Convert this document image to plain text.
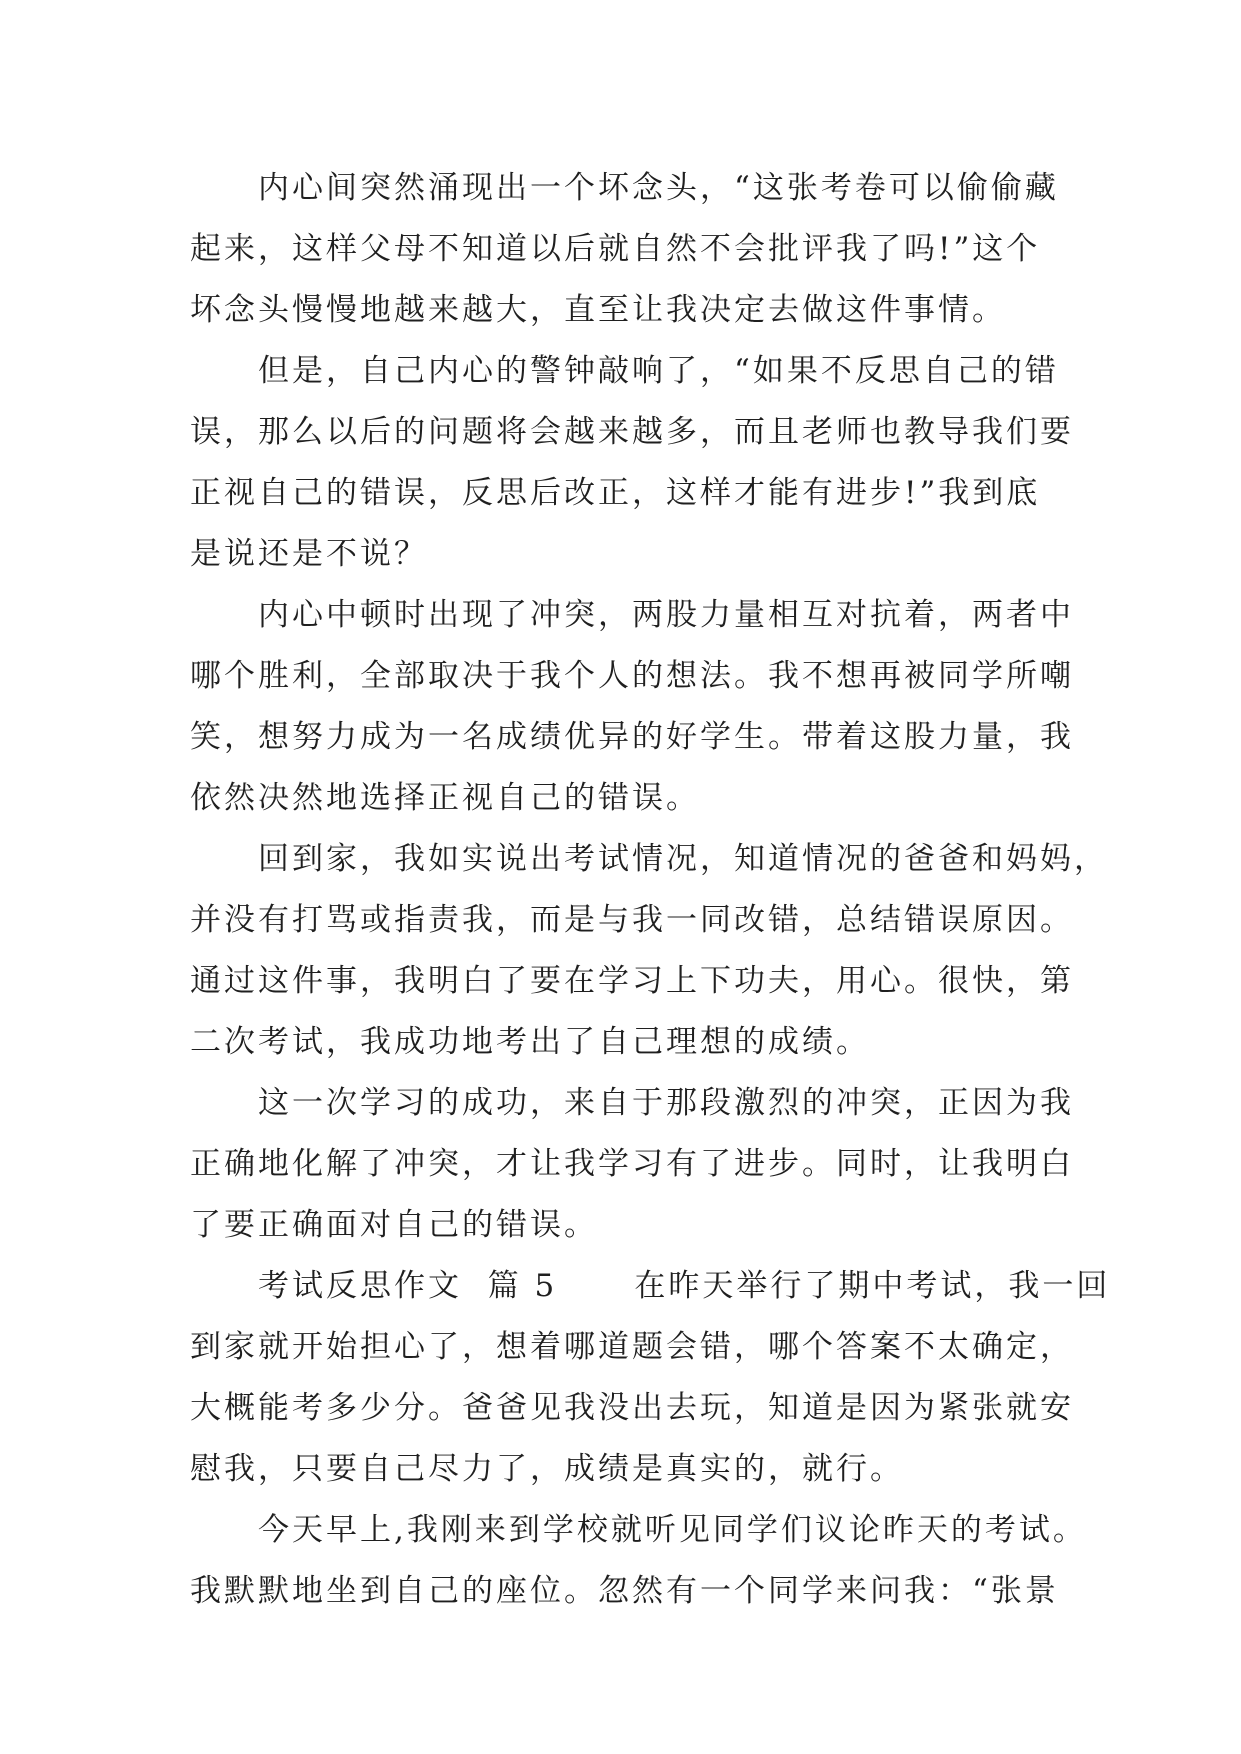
内心间突然涌现出一个坏念头，“这张考卷可以偷偷藏
起来，这样父母不知道以后就自然不会批评我了吗!”这个
坏念头慢慢地越来越大，直至让我决定去做这件事情。
但是，自己内心的警钟敲响了，“如果不反思自己的错
误，那么以后的问题将会越来越多，而且老师也教导我们要
正视自己的错误，反思后改正，这样才能有进步!”我到底
是说还是不说？
内心中顿时出现了冲突，两股力量相互对抗着，两者中
哪个胜利，全部取决于我个人的想法。我不想再被同学所嘲
笑，想努力成为一名成绩优异的好学生。带着这股力量，我
依然决然地选择正视自己的错误。
回到家，我如实说出考试情况，知道情况的爸爸和妈妈，
并没有打骂或指责我，而是与我一同改错，总结错误原因。
通过这件事，我明白了要在学习上下功夫，用心。很快，第
二次考试，我成功地考出了自己理想的成绩。
这一次学习的成功，来自于那段激烈的冲突，正因为我
正确地化解了冲突，才让我学习有了进步。同时，让我明白
了要正确面对自己的错误。
考试反思作文  篇 5      在昨天举行了期中考试，我一回
到家就开始担心了，想着哪道题会错，哪个答案不太确定，
大概能考多少分。爸爸见我没出去玩，知道是因为紧张就安
慰我，只要自己尽力了，成绩是真实的，就行。
今天早上,我刚来到学校就听见同学们议论昨天的考试。
我默默地坐到自己的座位。忽然有一个同学来问我：“张景
